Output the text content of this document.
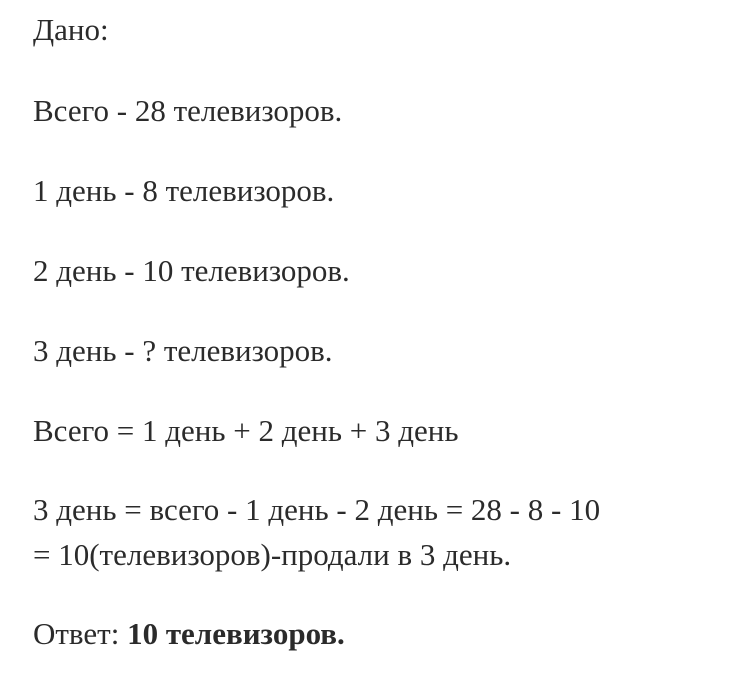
Дано:
Всего - 28 телевизоров.
1 день - 8 телевизоров.
2 день - 10 телевизоров.
3 день - ? телевизоров.
Всего = 1 день + 2 день + 3 день
3 день = всего - 1 день - 2 день = 28 - 8 - 10
= 10(телевизоров)-продали в 3 день.
Ответ: 10 телевизоров.
